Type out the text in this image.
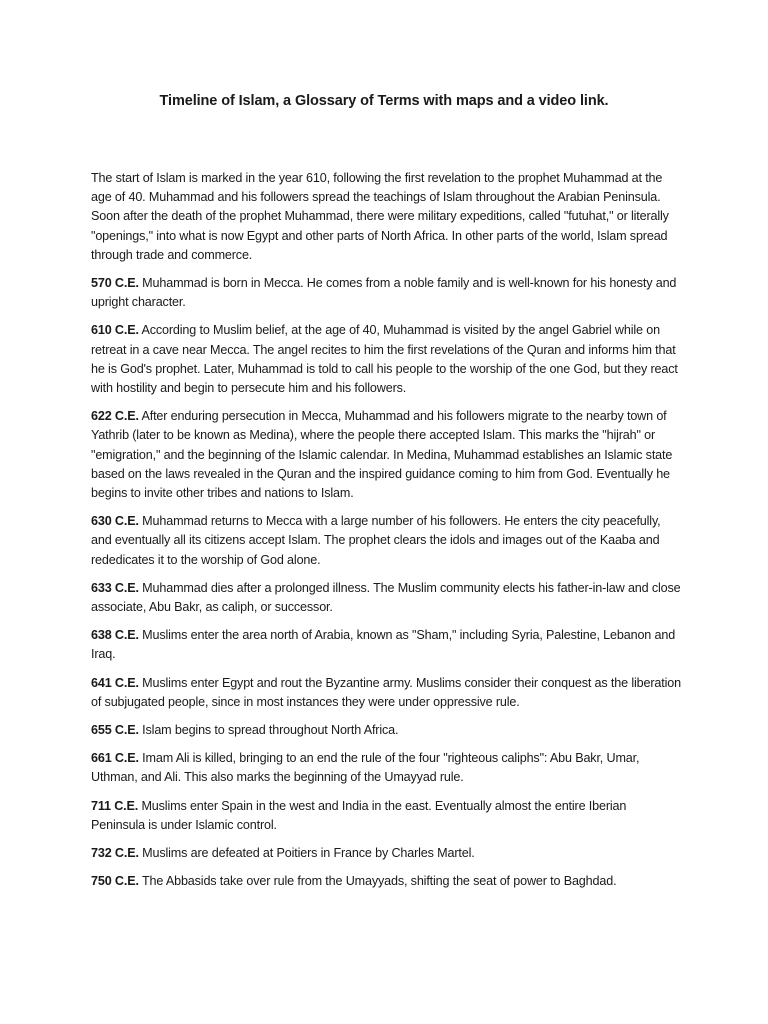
Timeline of Islam, a Glossary of Terms with maps and a video link.

The start of Islam is marked in the year 610, following the first revelation to the prophet Muhammad at the age of 40. Muhammad and his followers spread the teachings of Islam throughout the Arabian Peninsula. Soon after the death of the prophet Muhammad, there were military expeditions, called "futuhat," or literally "openings," into what is now Egypt and other parts of North Africa. In other parts of the world, Islam spread through trade and commerce.

570 C.E. Muhammad is born in Mecca. He comes from a noble family and is well-known for his honesty and upright character.

610 C.E. According to Muslim belief, at the age of 40, Muhammad is visited by the angel Gabriel while on retreat in a cave near Mecca. The angel recites to him the first revelations of the Quran and informs him that he is God's prophet. Later, Muhammad is told to call his people to the worship of the one God, but they react with hostility and begin to persecute him and his followers.

622 C.E. After enduring persecution in Mecca, Muhammad and his followers migrate to the nearby town of Yathrib (later to be known as Medina), where the people there accepted Islam. This marks the "hijrah" or "emigration," and the beginning of the Islamic calendar. In Medina, Muhammad establishes an Islamic state based on the laws revealed in the Quran and the inspired guidance coming to him from God. Eventually he begins to invite other tribes and nations to Islam.

630 C.E. Muhammad returns to Mecca with a large number of his followers. He enters the city peacefully, and eventually all its citizens accept Islam. The prophet clears the idols and images out of the Kaaba and rededicates it to the worship of God alone.

633 C.E. Muhammad dies after a prolonged illness. The Muslim community elects his father-in-law and close associate, Abu Bakr, as caliph, or successor.

638 C.E. Muslims enter the area north of Arabia, known as "Sham," including Syria, Palestine, Lebanon and Iraq.

641 C.E. Muslims enter Egypt and rout the Byzantine army. Muslims consider their conquest as the liberation of subjugated people, since in most instances they were under oppressive rule.

655 C.E. Islam begins to spread throughout North Africa.

661 C.E. Imam Ali is killed, bringing to an end the rule of the four "righteous caliphs": Abu Bakr, Umar, Uthman, and Ali. This also marks the beginning of the Umayyad rule.

711 C.E. Muslims enter Spain in the west and India in the east. Eventually almost the entire Iberian Peninsula is under Islamic control.

732 C.E. Muslims are defeated at Poitiers in France by Charles Martel.

750 C.E. The Abbasids take over rule from the Umayyads, shifting the seat of power to Baghdad.
